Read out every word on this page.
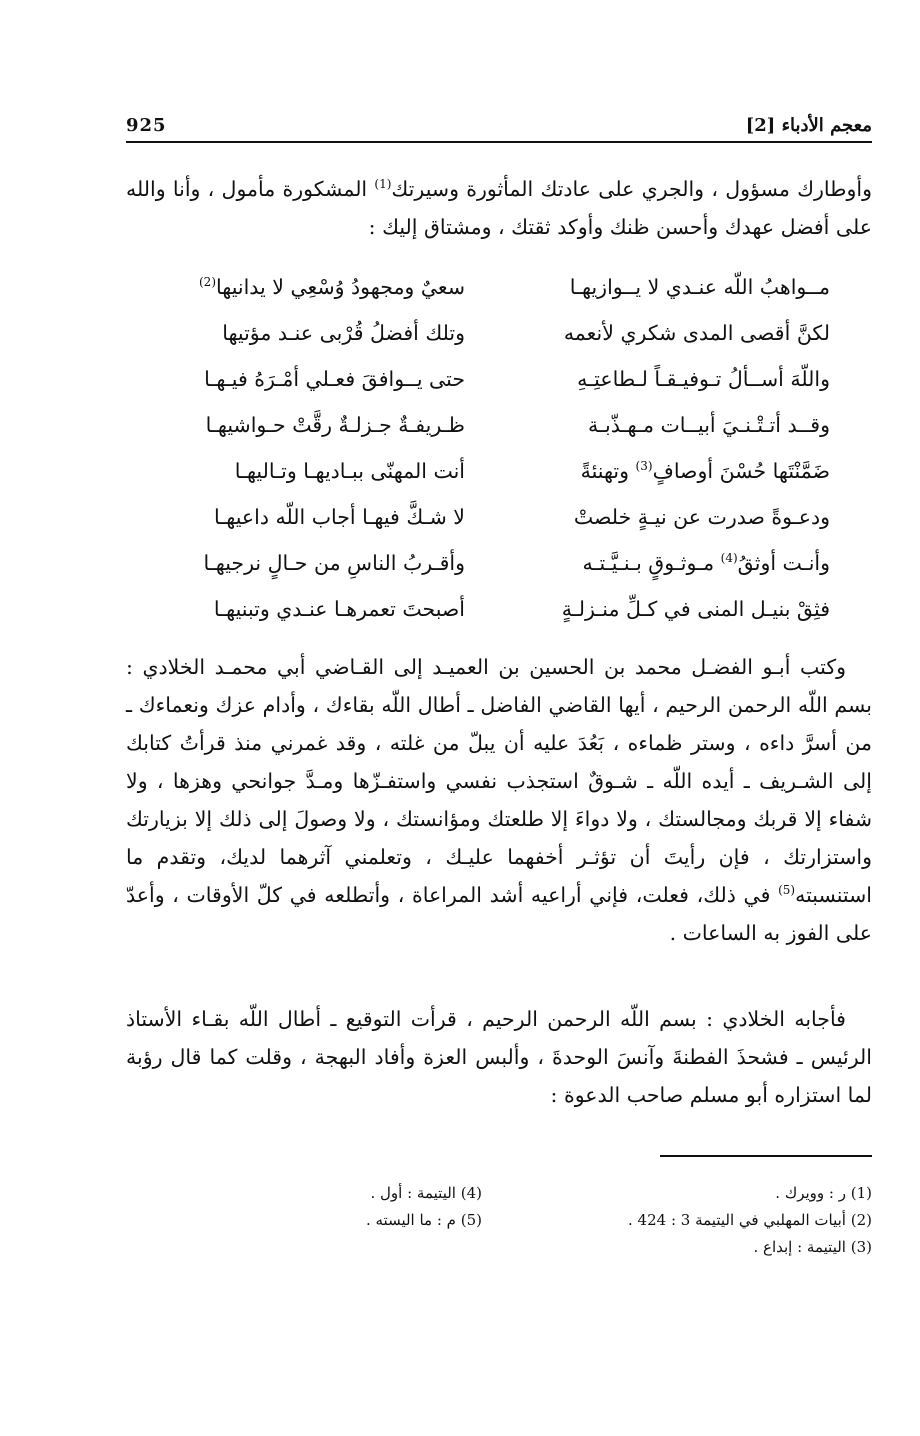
معجم الأدباء [2]
925

وأوطارك مسؤول ، والجري على عادتك المأثورة وسيرتك$^{(1)}$ المشكورة مأمول ، وأنا والله على أفضل عهدك وأحسن ظنك وأوكد ثقتك ، ومشتاق إليك :

مــواهبُ اللّه عنـدي لا يــوازيهـا
سعيٌ ومجهودُ وُسْعِي لا يدانيها$^{(2)}$
لكنَّ أقصى المدى شكري لأنعمه
وتلك أفضلُ قُرْبى عنـد مؤتيها
واللّهَ أســألُ تـوفيـقـاً لـطاعتِـهِ
حتى يــوافقَ فعـلي أمْـرَهُ فيـهـا
وقــد أتـتْـنـيَ أبيــات مـهـذّبـة
ظـريفـةٌ جـزلـةٌ رقَّتْ حـواشيهـا
ضَمَّنْتَها حُسْنَ أوصافٍ$^{(3)}$ وتهنئةً
أنت المهنّى ببـاديهـا وتـاليهـا
ودعـوةً صدرت عن نيـةٍ خلصتْ
لا شـكَّ فيهـا أجاب اللّه داعيهـا
وأنـت أوثقُ$^{(4)}$ مـوثـوقٍ بـنـيَّـتـه
وأقـربُ الناسِ من حـالٍ نرجيهـا
فثِقْ بنيـل المنى في كـلِّ منـزلـةٍ
أصبحتَ تعمرهـا عنـدي وتبنيهـا

وكتب أبـو الفضـل محمد بن الحسين بن العميـد إلى القـاضي أبي محمـد الخلادي : بسم اللّه الرحمن الرحيم ، أيها القاضي الفاضل ـ أطال اللّه بقاءك ، وأدام عزك ونعماءك ـ من أسرَّ داءه ، وستر ظماءه ، بَعُدَ عليه أن يبلّ من غلته ، وقد غمرني منذ قرأتُ كتابك إلى الشـريف ـ أيده اللّه ـ شـوقٌ استجذب نفسي واستفـزّها ومـدَّ جوانحي وهزها ، ولا شفاء إلا قربك ومجالستك ، ولا دواءَ إلا طلعتك ومؤانستك ، ولا وصولَ إلى ذلك إلا بزيارتك واستزارتك ، فإن رأيتَ أن تؤثـر أخفهما عليـك ، وتعلمني آثرهما لديك، وتقدم ما استنسبته$^{(5)}$ في ذلك، فعلت، فإني أراعيه أشد المراعاة ، وأتطلعه في كلّ الأوقات ، وأعدّ على الفوز به الساعات .

فأجابه الخلادي : بسم اللّه الرحمن الرحيم ، قرأت التوقيع ـ أطال اللّه بقـاء الأستاذ الرئيس ـ فشحذَ الفطنةَ وآنسَ الوحدةَ ، وألبس العزة وأفاد البهجة ، وقلت كما قال رؤبة لما استزاره أبو مسلم صاحب الدعوة :

(1) ر : وويرك .
(2) أبيات المهلبي في اليتيمة 3 : 424 .
(3) اليتيمة : إبداع .
(4) اليتيمة : أول .
(5) م : ما اليسته .
